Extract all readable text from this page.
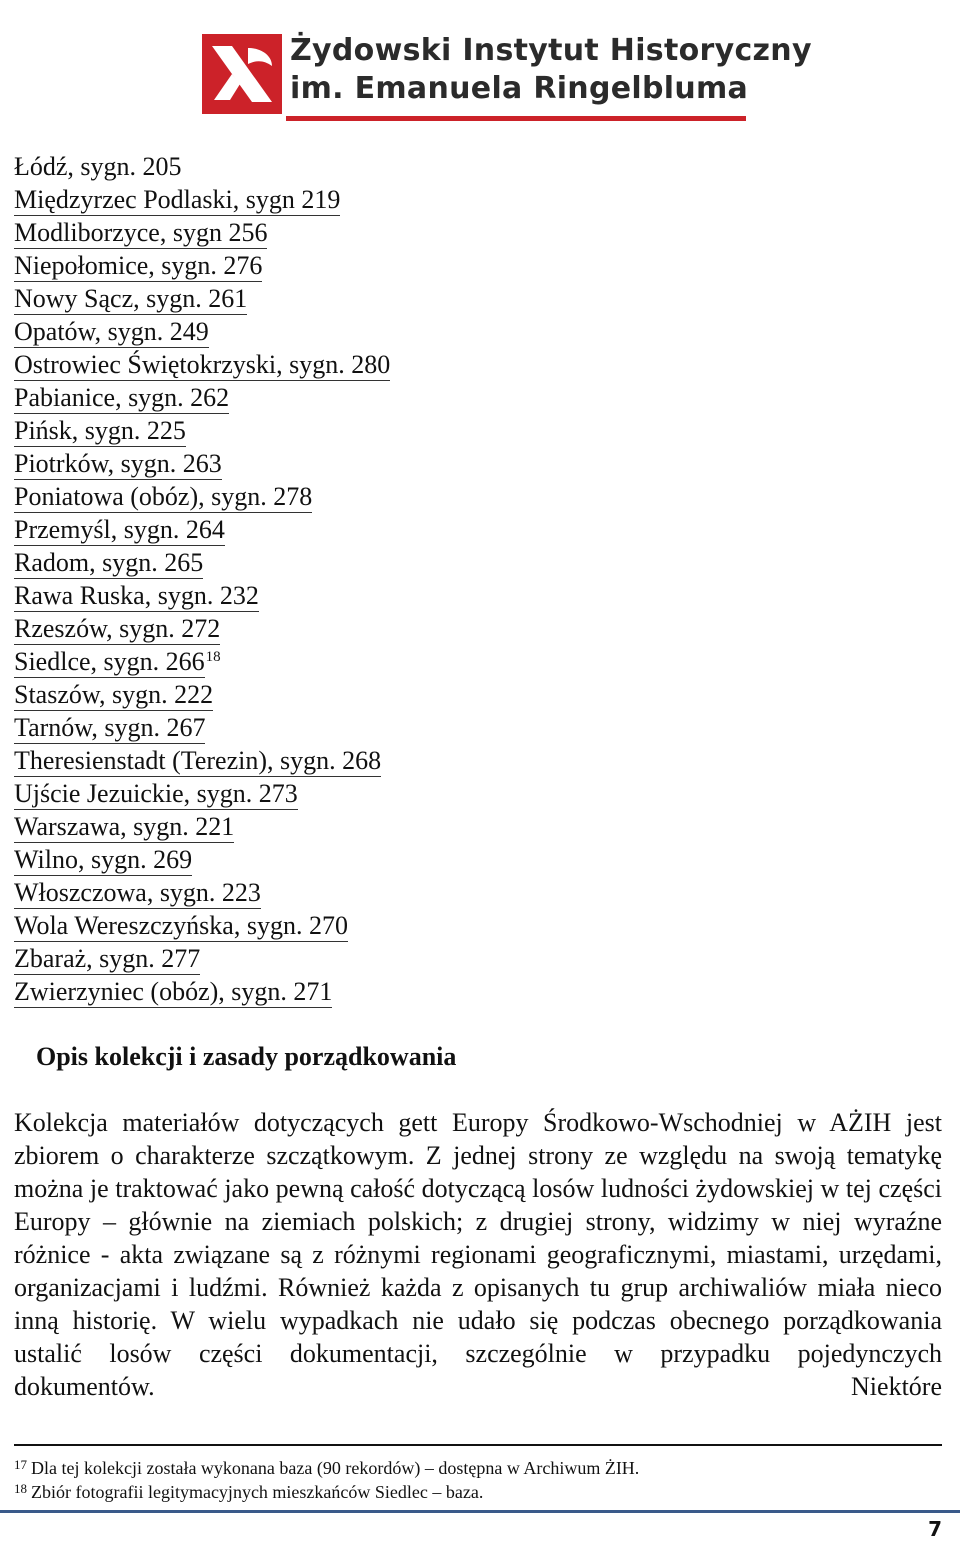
Żydowski Instytut Historyczny
im. Emanuela Ringelbluma
Łódź, sygn. 205
Międzyrzec Podlaski, sygn 219
Modliborzyce, sygn 256
Niepołomice, sygn. 276
Nowy Sącz, sygn. 261
Opatów, sygn. 249
Ostrowiec Świętokrzyski, sygn. 280
Pabianice, sygn. 262
Pińsk, sygn. 225
Piotrków, sygn. 263
Poniatowa (obóz), sygn. 278
Przemyśl, sygn. 264
Radom, sygn. 265
Rawa Ruska, sygn. 232
Rzeszów, sygn. 272
Siedlce, sygn. 266$^{18}$
Staszów, sygn. 222
Tarnów, sygn. 267
Theresienstadt (Terezin), sygn. 268
Ujście Jezuickie, sygn. 273
Warszawa, sygn. 221
Wilno, sygn. 269
Włoszczowa, sygn. 223
Wola Wereszczyńska, sygn. 270
Zbaraż, sygn. 277
Zwierzyniec (obóz), sygn. 271
Opis kolekcji i zasady porządkowania

Kolekcja materiałów dotyczących gett Europy Środkowo-Wschodniej w AŻIH jest zbiorem o charakterze szczątkowym. Z jednej strony ze względu na swoją tematykę można je traktować jako pewną całość dotyczącą losów ludności żydowskiej w tej części Europy – głównie na ziemiach polskich; z drugiej strony, widzimy w niej wyraźne różnice - akta związane są z różnymi regionami geograficznymi, miastami, urzędami, organizacjami i ludźmi. Również każda z opisanych tu grup archiwaliów miała nieco inną historię. W wielu wypadkach nie udało się podczas obecnego porządkowania ustalić losów części dokumentacji, szczególnie w przypadku pojedynczych dokumentów. Niektóre

$^{17}$ Dla tej kolekcji została wykonana baza (90 rekordów) – dostępna w Archiwum ŻIH.
$^{18}$ Zbiór fotografii legitymacyjnych mieszkańców Siedlec – baza.
7
